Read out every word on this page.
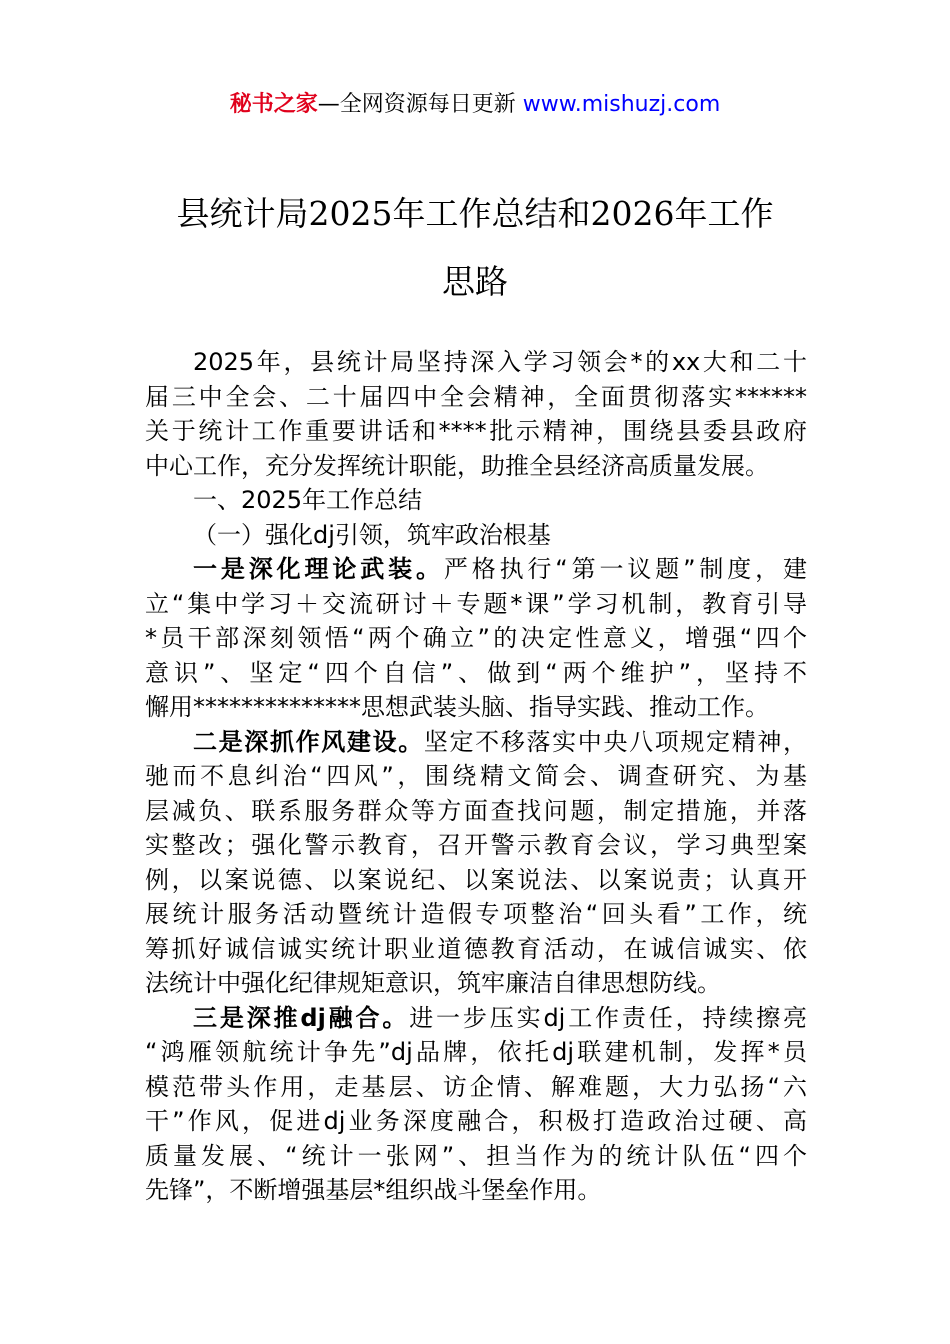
秘书之家—全网资源每日更新 www.mishuzj.com
县统计局2025年工作总结和2026年工作
思路
2025年，县统计局坚持深入学习领会*的xx大和二十
届三中全会、二十届四中全会精神，全面贯彻落实******
关于统计工作重要讲话和****批示精神，围绕县委县政府
中心工作，充分发挥统计职能，助推全县经济高质量发展。
一、2025年工作总结
（一）强化dj引领，筑牢政治根基
一是深化理论武装。严格执行“第一议题”制度，建
立“集中学习＋交流研讨＋专题*课”学习机制，教育引导
*员干部深刻领悟“两个确立”的决定性意义，增强“四个
意识”、坚定“四个自信”、做到“两个维护”，坚持不
懈用**************思想武装头脑、指导实践、推动工作。
二是深抓作风建设。坚定不移落实中央八项规定精神，
驰而不息纠治“四风”，围绕精文简会、调查研究、为基
层减负、联系服务群众等方面查找问题，制定措施，并落
实整改；强化警示教育，召开警示教育会议，学习典型案
例，以案说德、以案说纪、以案说法、以案说责；认真开
展统计服务活动暨统计造假专项整治“回头看”工作，统
筹抓好诚信诚实统计职业道德教育活动，在诚信诚实、依
法统计中强化纪律规矩意识，筑牢廉洁自律思想防线。
三是深推dj融合。进一步压实dj工作责任，持续擦亮
“鸿雁领航统计争先”dj品牌，依托dj联建机制，发挥*员
模范带头作用，走基层、访企情、解难题，大力弘扬“六
干”作风，促进dj业务深度融合，积极打造政治过硬、高
质量发展、“统计一张网”、担当作为的统计队伍“四个
先锋”，不断增强基层*组织战斗堡垒作用。
